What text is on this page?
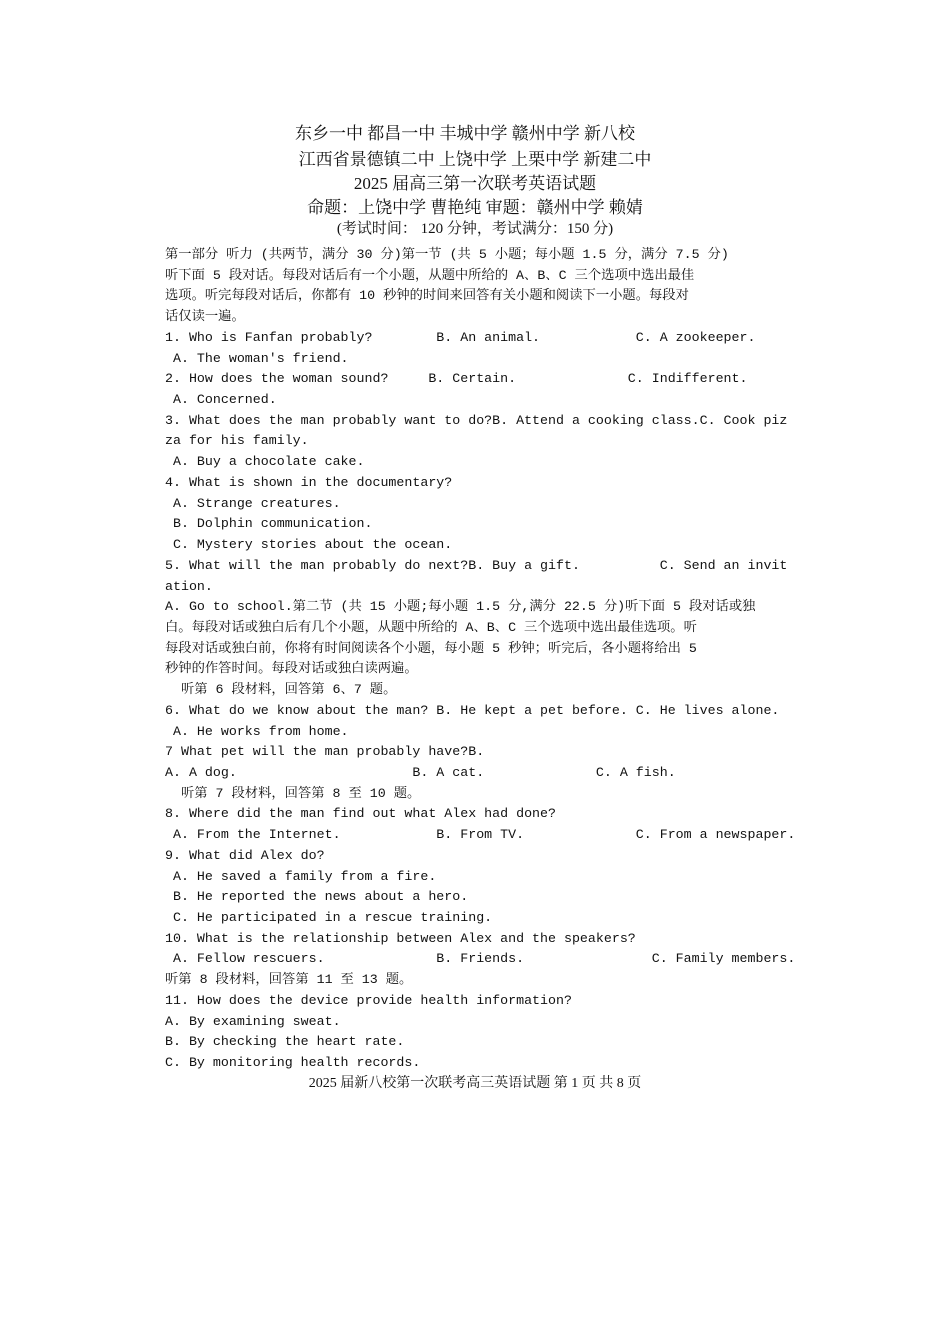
东乡一中 都昌一中 丰城中学 赣州中学 新八校
江西省景德镇二中 上饶中学 上栗中学 新建二中
2025 届高三第一次联考英语试题
命题：上饶中学 曹艳纯 审题：赣州中学 赖婧
(考试时间： 120 分钟，考试满分：150 分)
第一部分 听力 (共两节，满分 30 分)第一节 (共 5 小题；每小题 1.5 分，满分 7.5 分)
听下面 5 段对话。每段对话后有一个小题，从题中所给的 A、B、C 三个选项中选出最佳
选项。听完每段对话后，你都有 10 秒钟的时间来回答有关小题和阅读下一小题。每段对
话仅读一遍。
1. Who is Fanfan probably?        B. An animal.            C. A zookeeper.
A. The woman's friend.
2. How does the woman sound?     B. Certain.              C. Indifferent.
A. Concerned.
3. What does the man probably want to do?B. Attend a cooking class.C. Cook piz
za for his family.
A. Buy a chocolate cake.
4. What is shown in the documentary?
A. Strange creatures.
B. Dolphin communication.
C. Mystery stories about the ocean.
5. What will the man probably do next?B. Buy a gift.          C. Send an invit
ation.
A. Go to school.第二节 (共 15 小题;每小题 1.5 分,满分 22.5 分)听下面 5 段对话或独
白。每段对话或独白后有几个小题，从题中所给的 A、B、C 三个选项中选出最佳选项。听
每段对话或独白前，你将有时间阅读各个小题，每小题 5 秒钟；听完后，各小题将给出 5
秒钟的作答时间。每段对话或独白读两遍。
听第 6 段材料，回答第 6、7 题。
6. What do we know about the man? B. He kept a pet before. C. He lives alone.
A. He works from home.
7 What pet will the man probably have?B.
A. A dog.                      B. A cat.              C. A fish.
听第 7 段材料，回答第 8 至 10 题。
8. Where did the man find out what Alex had done?
A. From the Internet.            B. From TV.              C. From a newspaper.
9. What did Alex do?
A. He saved a family from a fire.
B. He reported the news about a hero.
C. He participated in a rescue training.
10. What is the relationship between Alex and the speakers?
A. Fellow rescuers.              B. Friends.                C. Family members.
听第 8 段材料，回答第 11 至 13 题。
11. How does the device provide health information?
A. By examining sweat.
B. By checking the heart rate.
C. By monitoring health records.
2025 届新八校第一次联考高三英语试题 第 1 页 共 8 页
